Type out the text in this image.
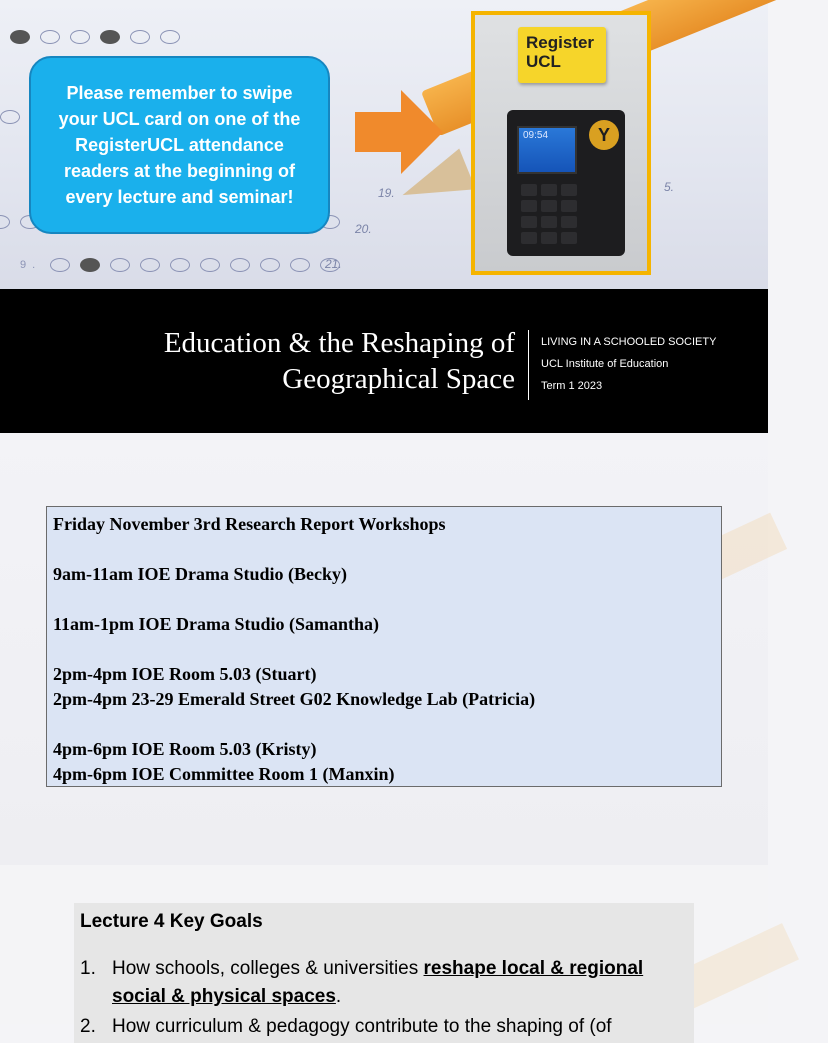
9.
19.
20.
21.
5.
Please remember to swipe your UCL card on one of the RegisterUCL attendance readers at the beginning of every lecture and seminar!
Register
UCL
09:54	Y
Education & the Reshaping of
Geographical Space
LIVING IN A SCHOOLED SOCIETY
UCL Institute of Education
Term 1 2023
Friday November 3rd Research Report Workshops
9am-11am IOE Drama Studio (Becky)
11am-1pm IOE Drama Studio (Samantha)
2pm-4pm IOE Room 5.03 (Stuart)
2pm-4pm 23-29 Emerald Street G02 Knowledge Lab (Patricia)
4pm-6pm IOE Room 5.03 (Kristy)
4pm-6pm IOE Committee Room 1 (Manxin)
Lecture 4 Key Goals
1. How schools, colleges & universities reshape local & regional social & physical spaces.
2. How curriculum & pedagogy contribute to the shaping of (of
